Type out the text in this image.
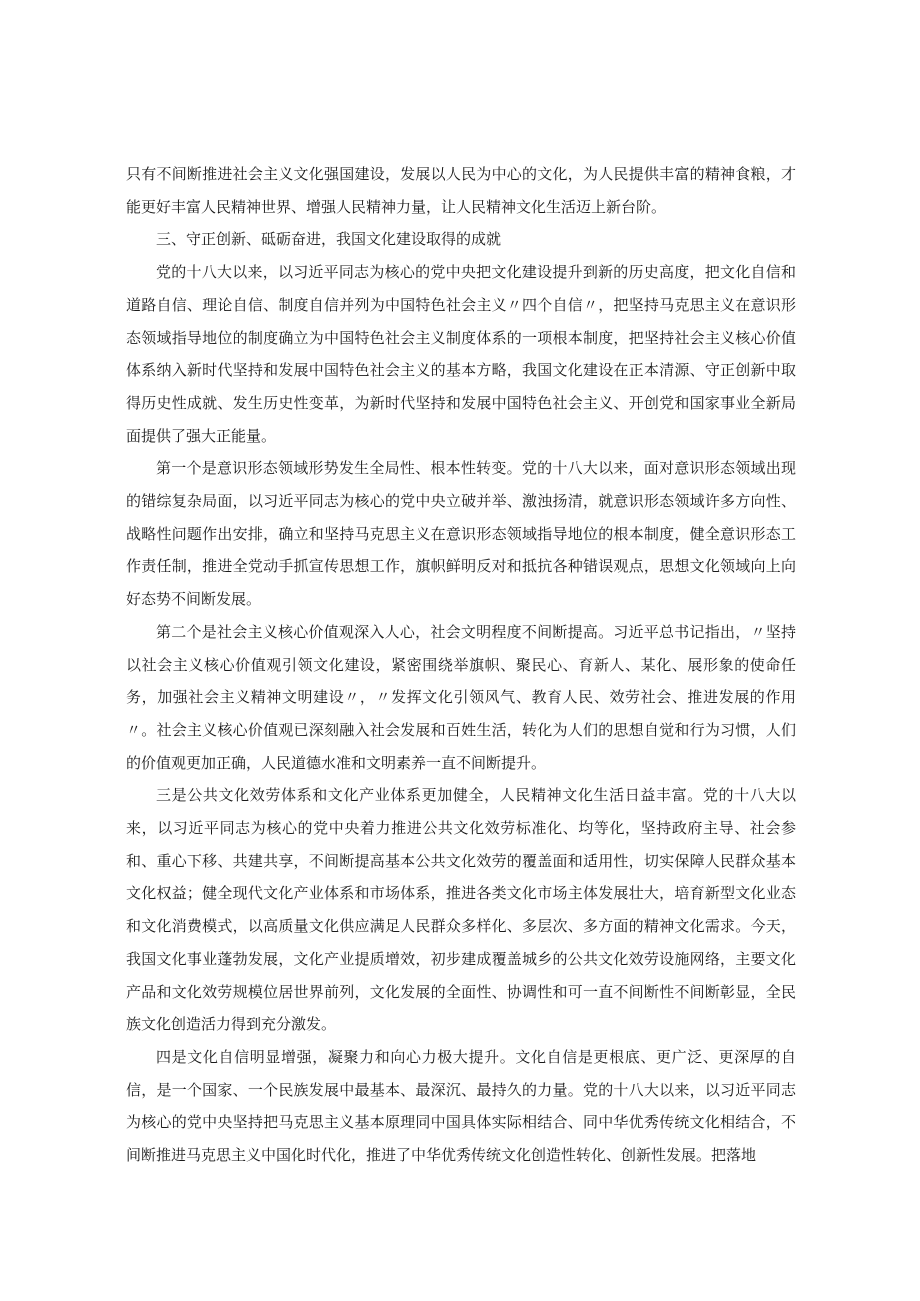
只有不间断推进社会主义文化强国建设，发展以人民为中心的文化，为人民提供丰富的精神食粮，才能更好丰富人民精神世界、增强人民精神力量，让人民精神文化生活迈上新台阶。

三、守正创新、砥砺奋进，我国文化建设取得的成就

党的十八大以来，以习近平同志为核心的党中央把文化建设提升到新的历史高度，把文化自信和道路自信、理论自信、制度自信并列为中国特色社会主义〃四个自信〃，把坚持马克思主义在意识形态领域指导地位的制度确立为中国特色社会主义制度体系的一项根本制度，把坚持社会主义核心价值体系纳入新时代坚持和发展中国特色社会主义的基本方略，我国文化建设在正本清源、守正创新中取得历史性成就、发生历史性变革，为新时代坚持和发展中国特色社会主义、开创党和国家事业全新局面提供了强大正能量。

第一个是意识形态领域形势发生全局性、根本性转变。党的十八大以来，面对意识形态领域出现的错综复杂局面，以习近平同志为核心的党中央立破并举、激浊扬清，就意识形态领域许多方向性、战略性问题作出安排，确立和坚持马克思主义在意识形态领域指导地位的根本制度，健全意识形态工作责任制，推进全党动手抓宣传思想工作，旗帜鲜明反对和抵抗各种错误观点，思想文化领域向上向好态势不间断发展。

第二个是社会主义核心价值观深入人心，社会文明程度不间断提高。习近平总书记指出，〃坚持以社会主义核心价值观引领文化建设，紧密围绕举旗帜、聚民心、育新人、某化、展形象的使命任务，加强社会主义精神文明建设〃，〃发挥文化引领风气、教育人民、效劳社会、推进发展的作用〃。社会主义核心价值观已深刻融入社会发展和百姓生活，转化为人们的思想自觉和行为习惯，人们的价值观更加正确，人民道德水准和文明素养一直不间断提升。

三是公共文化效劳体系和文化产业体系更加健全，人民精神文化生活日益丰富。党的十八大以来，以习近平同志为核心的党中央着力推进公共文化效劳标准化、均等化，坚持政府主导、社会参和、重心下移、共建共享，不间断提高基本公共文化效劳的覆盖面和适用性，切实保障人民群众基本文化权益；健全现代文化产业体系和市场体系，推进各类文化市场主体发展壮大，培育新型文化业态和文化消费模式，以高质量文化供应满足人民群众多样化、多层次、多方面的精神文化需求。今天，我国文化事业蓬勃发展，文化产业提质增效，初步建成覆盖城乡的公共文化效劳设施网络，主要文化产品和文化效劳规模位居世界前列，文化发展的全面性、协调性和可一直不间断性不间断彰显，全民族文化创造活力得到充分激发。

四是文化自信明显增强，凝聚力和向心力极大提升。文化自信是更根底、更广泛、更深厚的自信，是一个国家、一个民族发展中最基本、最深沉、最持久的力量。党的十八大以来，以习近平同志为核心的党中央坚持把马克思主义基本原理同中国具体实际相结合、同中华优秀传统文化相结合，不间断推进马克思主义中国化时代化，推进了中华优秀传统文化创造性转化、创新性发展。把落地
